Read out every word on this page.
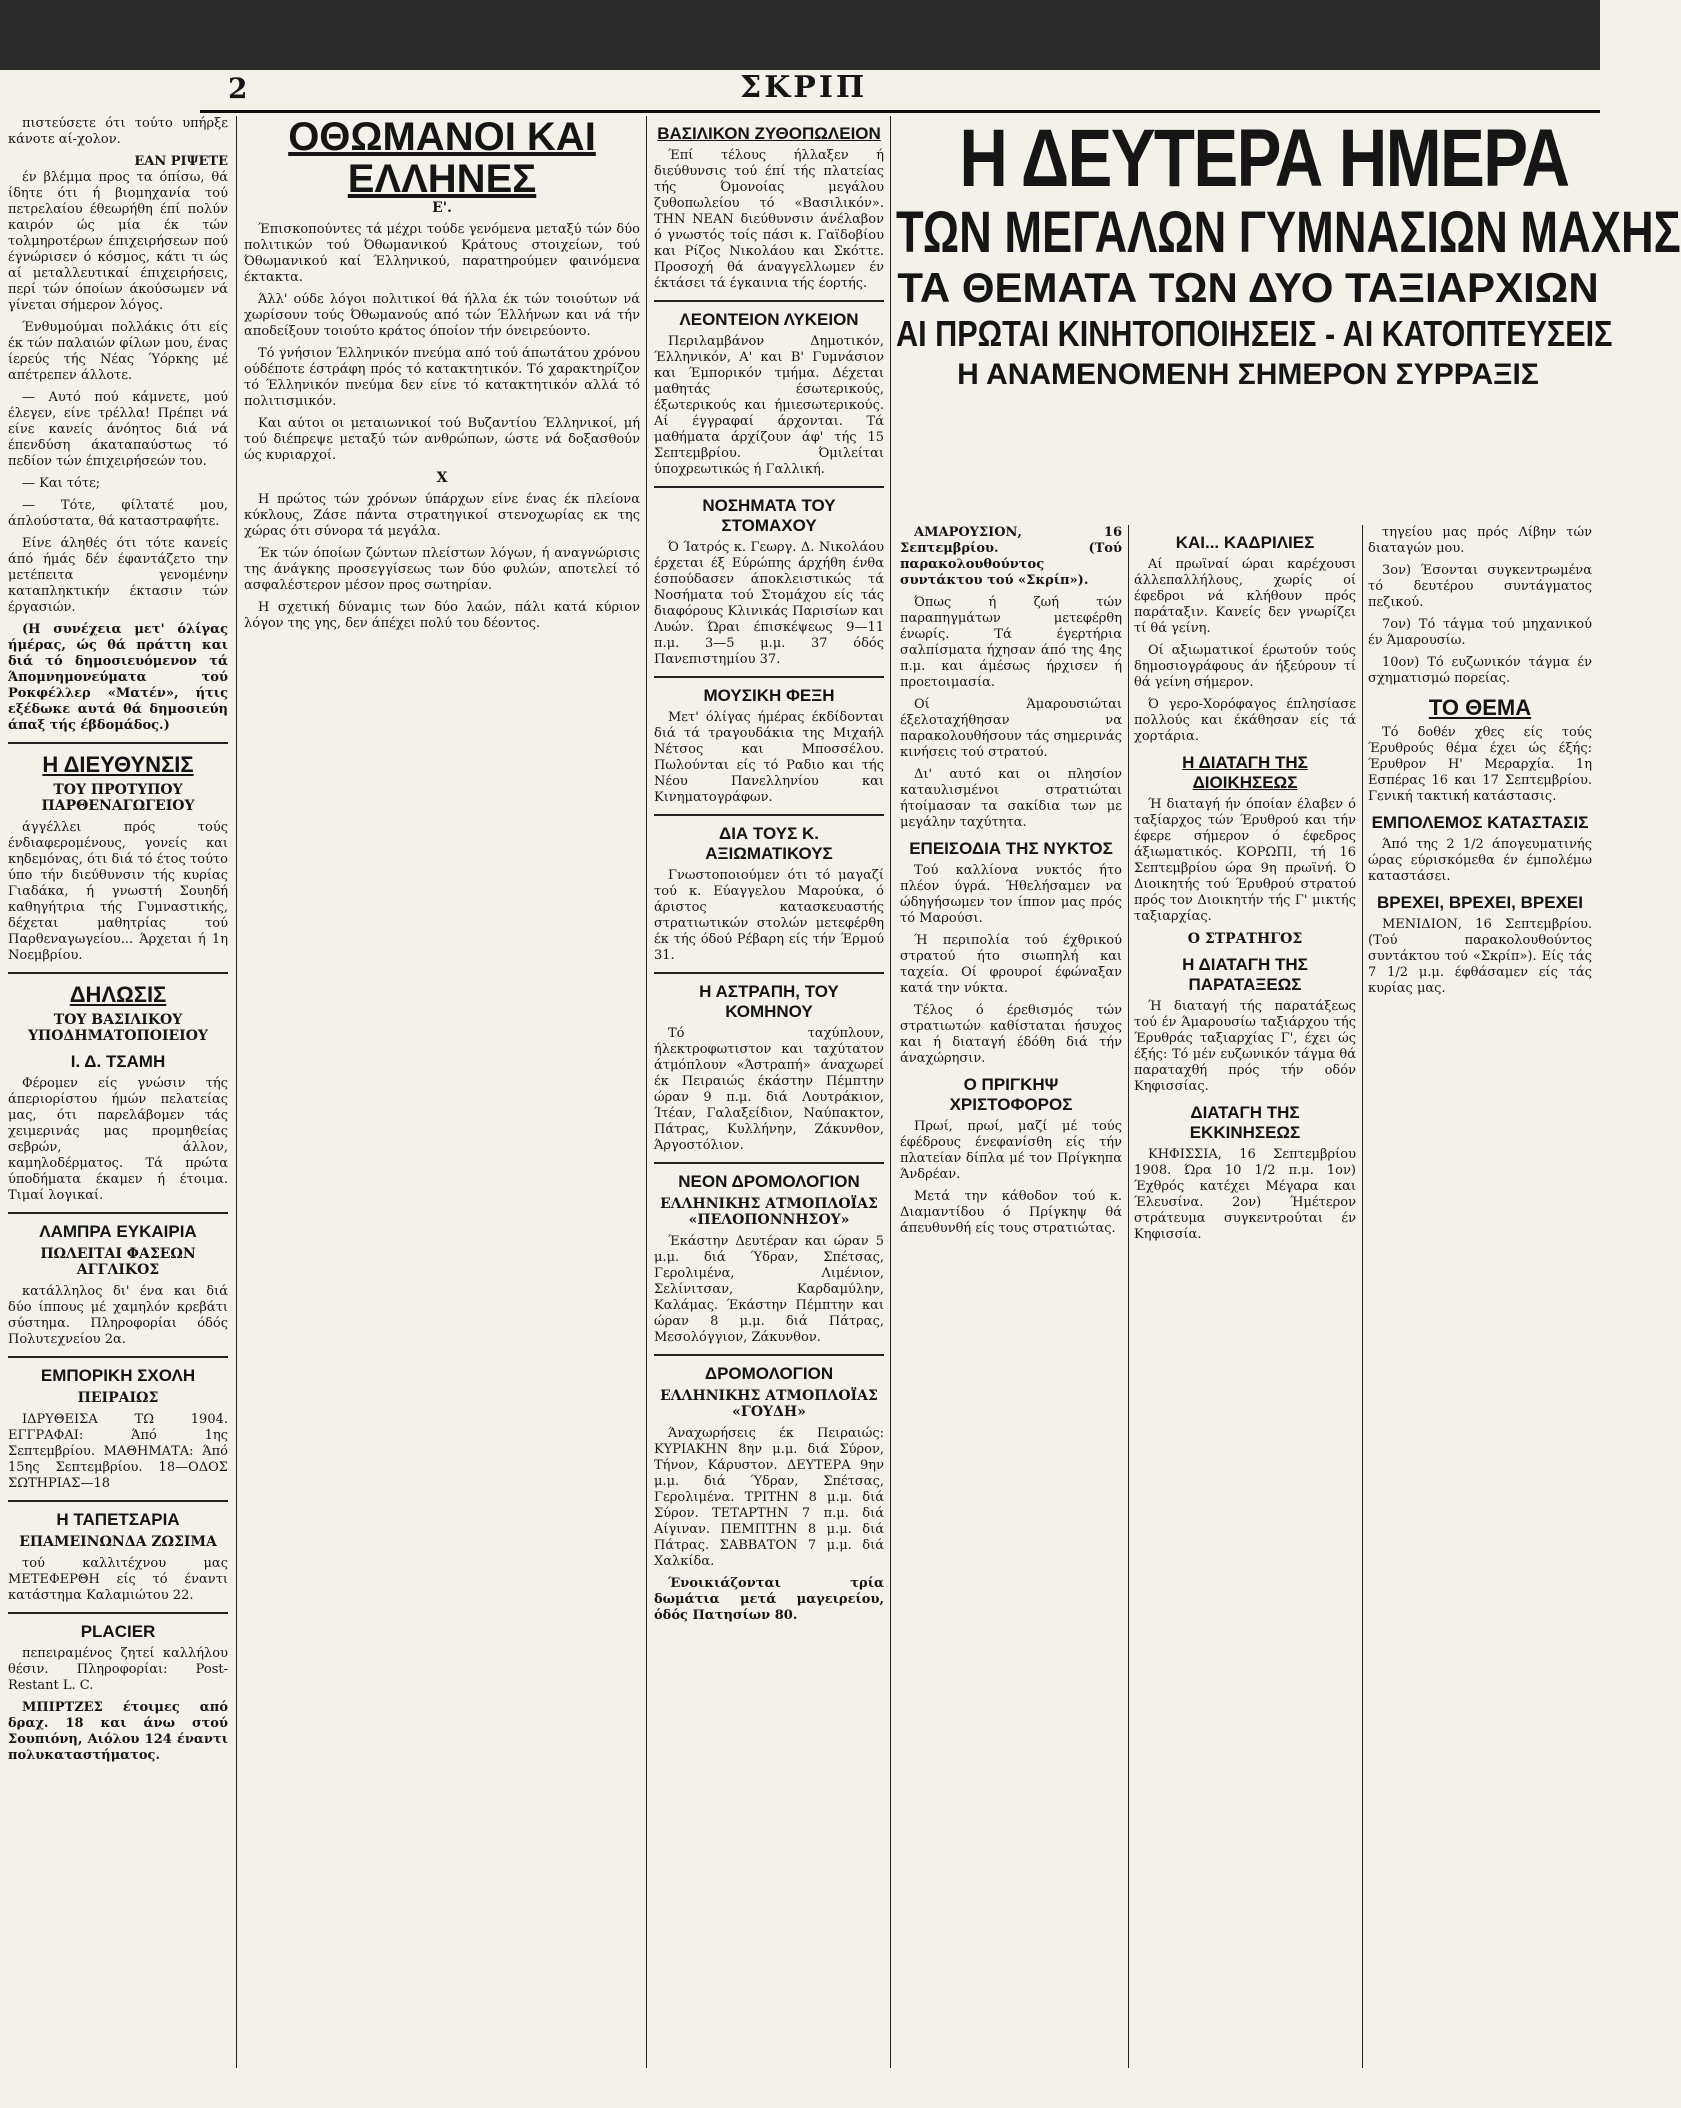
2	ΣΚΡΙΠ

πιστεύσετε ότι τούτο υπήρξε κάνοτε αί-χολον.

ΕΑΝ ΡΙΨΕΤΕ

έν βλέμμα προς τα όπίσω, θά ίδητε ότι ή βιομηχανία τού πετρελαίου έθεωρήθη έπί πολύν καιρόν ώς μία έκ τών τολμηροτέρων έπιχειρήσεων πού έγνώρισεν ό κόσμος, κάτι τι ώς αί μεταλλευτικαί έπιχειρήσεις, περί τών όποίων άκούσωμεν νά γίνεται σήμερον λόγος.

Ένθυμούμαι πολλάκις ότι είς έκ τών παλαιών φίλων μου, ένας ίερεύς τής Νέας Ύόρκης μέ απέτρεπεν άλλοτε.

— Αυτό πού κάμνετε, μού έλεγεν, είνε τρέλλα! Πρέπει νά είνε κανείς άνόητος διά νά έπενδύση άκαταπαύστως τό πεδίον τών έπιχειρήσεών του.

— Και τότε;

— Τότε, φίλτατέ μου, άπλούστατα, θά καταστραφήτε.

Είνε άληθές ότι τότε κανείς άπό ήμάς δέν έφαντάζετο την μετέπειτα γενομένην καταπληκτικήν έκτασιν τών έργασιών.

(Η συνέχεια μετ' όλίγας ήμέρας, ώς θά πράττη και διά τό δημοσιευόμενον τά Άπομνημονεύματα τού Ροκφέλλερ «Ματέν», ήτις εξέδωκε αυτά θά δημοσιεύη άπαξ τής έβδομάδος.)

Η ΔΙΕΥΘΥΝΣΙΣ
ΤΟΥ ΠΡΟΤΥΠΟΥ ΠΑΡΘΕΝΑΓΩΓΕΙΟΥ

άγγέλλει πρός τούς ένδιαφερομένους, γονείς και κηδεμόνας, ότι διά τό έτος τούτο ύπο τήν διεύθυνσιν τής κυρίας Γιαδάκα, ή γνωστή Σουηδή καθηγήτρια τής Γυμναστικής, δέχεται μαθητρίας τού Παρθεναγωγείου... Άρχεται ή 1η Νοεμβρίου.

ΔΗΛΩΣΙΣ
ΤΟΥ ΒΑΣΙΛΙΚΟΥ ΥΠΟΔΗΜΑΤΟΠΟΙΕΙΟΥ
Ι. Δ. ΤΣΑΜΗ

Φέρομεν είς γνώσιν τής άπεριορίστου ήμών πελατείας μας, ότι παρελάβομεν τάς χειμερινάς μας προμηθείας σεβρών, άλλον, καμηλοδέρματος. Τά πρώτα ύποδήματα έκαμεν ή έτοιμα. Τιμαί λογικαί.

ΛΑΜΠΡΑ ΕΥΚΑΙΡΙΑ
ΠΩΛΕΙΤΑΙ ΦΑΣΕΩΝ ΑΓΓΛΙΚΟΣ

κατάλληλος δι' ένα και διά δύο ίππους μέ χαμηλόν κρεβάτι σύστημα. Πληροφορίαι όδός Πολυτεχνείου 2α.

ΕΜΠΟΡΙΚΗ ΣΧΟΛΗ
ΠΕΙΡΑΙΩΣ

ΙΔΡΥΘΕΙΣΑ ΤΩ 1904. ΕΓΓΡΑΦΑΙ: Άπό 1ης Σεπτεμβρίου. ΜΑΘΗΜΑΤΑ: Άπό 15ης Σεπτεμβρίου. 18—ΟΔΟΣ ΣΩΤΗΡΙΑΣ—18

Η ΤΑΠΕΤΣΑΡΙΑ
ΕΠΑΜΕΙΝΩΝΔΑ ΖΩΣΙΜΑ

τού καλλιτέχνου μας ΜΕΤΕΦΕΡΘΗ είς τό έναντι κατάστημα Καλαμιώτου 22.

PLACIER

πεπειραμένος ζητεί καλλήλου θέσιν. Πληροφορίαι: Post-Restant L. C.

ΜΠΙΡΤΖΕΣ έτοιμες από δραχ. 18 και άνω στού Σουπιόνη, Αιόλου 124 έναντι πολυκαταστήματος.

ΟΘΩΜΑΝΟΙ ΚΑΙ ΕΛΛΗΝΕΣ
Ε'.

Έπισκοπούντες τά μέχρι τούδε γενόμενα μεταξύ τών δύο πολιτικών τού Όθωμανικού Κράτους στοιχείων, τού Όθωμανικού καί Έλληνικού, παρατηρούμεν φαινόμενα έκτακτα.

Άλλ' ούδε λόγοι πολιτικοί θά ήλλα έκ τών τοιούτων νά χωρίσουν τούς Όθωμανούς από τών Έλλήνων και νά τήν αποδείξουν τοιούτο κράτος όποίον τήν όνειρεύοντο.

Τό γνήσιον Έλληνικόν πνεύμα από τού άπωτάτου χρόνου ούδέποτε έστράφη πρός τό κατακτητικόν. Τό χαρακτηρίζον τό Έλληνικόν πνεύμα δεν είνε τό κατακτητικόν αλλά τό πολιτισμικόν.

Και αύτοι οι μεταιωνικοί τού Βυζαντίου Έλληνικοί, μή τού διέπρεψε μεταξύ τών ανθρώπων, ώστε νά δοξασθούν ώς κυριαρχοί.

Χ

Η πρώτος τών χρόνων ύπάρχων είνε ένας έκ πλείονα κύκλους, Ζάσε πάντα στρατηγικοί στενοχωρίας εκ της χώρας ότι σύνορα τά μεγάλα.

Έκ τών όποίων ζώντων πλείστων λόγων, ή αναγνώρισις της άνάγκης προσεγγίσεως των δύο φυλών, αποτελεί τό ασφαλέστερον μέσον προς σωτηρίαν.

Η σχετική δύναμις των δύο λαών, πάλι κατά κύριον λόγον της γης, δεν άπέχει πολύ του δέοντος.

ΒΑΣΙΛΙΚΟΝ ΖΥΘΟΠΩΛΕΙΟΝ

Έπί τέλους ήλλαξεν ή διεύθυνσις τού έπί τής πλατείας τής Όμονοίας μεγάλου ζυθοπωλείου τό «Βασιλικόν». ΤΗΝ ΝΕΑΝ διεύθυνσιν άνέλαβον ό γνωστός τοίς πάσι κ. Γαϊδοβίου και Ρίζος Νικολάου και Σκόττε. Προσοχή θά άναγγελλωμεν έν έκτάσει τά έγκαινια τής έορτής.

ΛΕΟΝΤΕΙΟΝ ΛΥΚΕΙΟΝ

Περιλαμβάνον Δημοτικόν, Έλληνικόν, Α' και Β' Γυμνάσιον και Έμπορικόν τμήμα. Δέχεται μαθητάς έσωτερικούς, έξωτερικούς και ήμιεσωτερικούς. Αί έγγραφαί άρχονται. Τά μαθήματα άρχίζουν άφ' τής 15 Σεπτεμβρίου. Όμιλείται ύποχρεωτικώς ή Γαλλική.

ΝΟΣΗΜΑΤΑ ΤΟΥ ΣΤΟΜΑΧΟΥ

Ό Ίατρός κ. Γεωργ. Δ. Νικολάου έρχεται έξ Εύρώπης άρχήθη ένθα έσπούδασεν άποκλειστικώς τά Νοσήματα τού Στομάχου είς τάς διαφόρους Κλινικάς Παρισίων και Λυών. Ώραι έπισκέψεως 9—11 π.μ. 3—5 μ.μ. 37 όδός Πανεπιστημίου 37.

ΜΟΥΣΙΚΗ ΦΕΞΗ

Μετ' όλίγας ήμέρας έκδίδονται διά τά τραγουδάκια της Μιχαήλ Νέτσος και Μποσσέλου. Πωλούνται είς τό Ραδιο και τής Νέου Πανελληνίου και Κινηματογράφων.

ΔΙΑ ΤΟΥΣ Κ. ΑΞΙΩΜΑΤΙΚΟΥΣ

Γνωστοποιούμεν ότι τό μαγαζί τού κ. Εύαγγελου Μαρούκα, ό άριστος κατασκευαστής στρατιωτικών στολών μετεφέρθη έκ τής όδού Ρέβαρη είς τήν Έρμού 31.

Η ΑΣΤΡΑΠΗ, ΤΟΥ ΚΟΜΗΝΟΥ

Τό ταχύπλουν, ήλεκτροφωτιστον και ταχύτατον άτμόπλουν «Άστραπή» άναχωρεί έκ Πειραιώς έκάστην Πέμπτην ώραν 9 π.μ. διά Λουτράκιον, Ίτέαν, Γαλαξείδιον, Ναύπακτον, Πάτρας, Κυλλήνην, Ζάκυνθον, Άργοστόλιον.

ΝΕΟΝ ΔΡΟΜΟΛΟΓΙΟΝ
ΕΛΛΗΝΙΚΗΣ ΑΤΜΟΠΛΟΪΑΣ «ΠΕΛΟΠΟΝΝΗΣΟΥ»

Έκάστην Δευτέραν και ώραν 5 μ.μ. διά Ύδραν, Σπέτσας, Γερολιμένα, Λιμένιον, Σελίνιτσαν, Καρδαμύλην, Καλάμας. Έκάστην Πέμπτην και ώραν 8 μ.μ. διά Πάτρας, Μεσολόγγιον, Ζάκυνθον.

ΔΡΟΜΟΛΟΓΙΟΝ
ΕΛΛΗΝΙΚΗΣ ΑΤΜΟΠΛΟΪΑΣ «ΓΟΥΔΗ»

Άναχωρήσεις έκ Πειραιώς: ΚΥΡΙΑΚΗΝ 8ην μ.μ. διά Σύρον, Τήνον, Κάρυστον. ΔΕΥΤΕΡΑ 9ην μ.μ. διά Ύδραν, Σπέτσας, Γερολιμένα. ΤΡΙΤΗΝ 8 μ.μ. διά Σύρον. ΤΕΤΑΡΤΗΝ 7 π.μ. διά Αίγιναν. ΠΕΜΠΤΗΝ 8 μ.μ. διά Πάτρας. ΣΑΒΒΑΤΟΝ 7 μ.μ. διά Χαλκίδα.

Ένοικιάζονται τρία δωμάτια μετά μαγειρείου, όδός Πατησίων 80.

Η ΔΕΥΤΕΡΑ ΗΜΕΡΑ
ΤΩΝ ΜΕΓΑΛΩΝ ΓΥΜΝΑΣΙΩΝ ΜΑΧΗΣ
ΤΑ ΘΕΜΑΤΑ ΤΩΝ ΔΥΟ ΤΑΞΙΑΡΧΙΩΝ
ΑΙ ΠΡΩΤΑΙ ΚΙΝΗΤΟΠΟΙΗΣΕΙΣ - ΑΙ ΚΑΤΟΠΤΕΥΣΕΙΣ
Η ΑΝΑΜΕΝΟΜΕΝΗ ΣΗΜΕΡΟΝ ΣΥΡΡΑΞΙΣ

ΑΜΑΡΟΥΣΙΟΝ, 16 Σεπτεμβρίου. (Τού παρακολουθούντος συντάκτου τού «Σκρίπ»).

Όπως ή ζωή τών παραπηγμάτων μετεφέρθη ένωρίς. Τά έγερτήρια σαλπίσματα ήχησαν άπό της 4ης π.μ. και άμέσως ήρχισεν ή προετοιμασία.

Οί Άμαρουσιώται έξελοταχήθησαν να παρακολουθήσουν τάς σημερινάς κινήσεις τού στρατού.

Δι' αυτό και οι πλησίον καταυλισμένοι στρατιώται ήτοίμασαν τα σακίδια των με μεγάλην ταχύτητα.

ΕΠΕΙΣΟΔΙΑ ΤΗΣ ΝΥΚΤΟΣ

Τού καλλίονα νυκτός ήτο πλέον ύγρά. Ήθελήσαμεν να ώδηγήσωμεν τον ίππον μας πρός τό Μαρούσι.

Ή περιπολία τού έχθρικού στρατού ήτο σιωπηλή και ταχεία. Οί φρουροί έφώναξαν κατά την νύκτα.

Τέλος ό έρεθισμός τών στρατιωτών καθίσταται ήσυχος και ή διαταγή έδόθη διά τήν άναχώρησιν.

Ο ΠΡΙΓΚΗΨ ΧΡΙΣΤΟΦΟΡΟΣ

Πρωί, πρωί, μαζί μέ τούς έφέδρους ένεφανίσθη είς τήν πλατείαν δίπλα μέ τον Πρίγκηπα Άνδρέαν.

Μετά την κάθοδον τού κ. Διαμαντίδου ό Πρίγκηψ θά άπευθυνθή είς τους στρατιώτας.

ΚΑΙ... ΚΑΔΡΙΛΙΕΣ

Αί πρωϊναί ώραι καρέχουσι άλλεπαλλήλους, χωρίς οί έφεδροι νά κλήθουν πρός παράταξιν. Κανείς δεν γνωρίζει τί θά γείνη.

Οί αξιωματικοί έρωτούν τούς δημοσιογράφους άν ήξεύρουν τί θά γείνη σήμερον.

Ό γερο-Χορόφαγος έπλησίασε πολλούς και έκάθησαν είς τά χορτάρια.

Η ΔΙΑΤΑΓΗ ΤΗΣ ΔΙΟΙΚΗΣΕΩΣ

Ή διαταγή ήν όποίαν έλαβεν ό ταξίαρχος τών Έρυθρού και τήν έφερε σήμερον ό έφεδρος άξιωματικός. ΚΟΡΩΠΙ, τή 16 Σεπτεμβρίου ώρα 9η πρωϊνή. Ό Διοικητής τού Έρυθρού στρατού πρός τον Διοικητήν τής Γ' μικτής ταξιαρχίας.

Ο ΣΤΡΑΤΗΓΟΣ
Η ΔΙΑΤΑΓΗ ΤΗΣ ΠΑΡΑΤΑΞΕΩΣ

Ή διαταγή τής παρατάξεως τού έν Άμαρουσίω ταξιάρχου τής Έρυθράς ταξιαρχίας Γ', έχει ώς έξής: Τό μέν ευζωνικόν τάγμα θά παραταχθή πρός τήν οδόν Κηφισσίας.

ΔΙΑΤΑΓΗ ΤΗΣ ΕΚΚΙΝΗΣΕΩΣ

ΚΗΦΙΣΣΙΑ, 16 Σεπτεμβρίου 1908. Ώρα 10 1/2 π.μ. 1ον) Έχθρός κατέχει Μέγαρα και Έλευσίνα. 2ον) Ήμέτερον στράτευμα συγκεντρούται έν Κηφισσία.

τηγείου μας πρός Λίβην τών διαταγών μου.

3ον) Έσονται συγκεντρωμένα τό δευτέρου συντάγματος πεζικού.

7ον) Τό τάγμα τού μηχανικού έν Άμαρουσίω.

10ον) Τό ευζωνικόν τάγμα έν σχηματισμώ πορείας.

ΤΟ ΘΕΜΑ

Τό δοθέν χθες είς τούς Έρυθρούς θέμα έχει ώς έξής: Έρυθρον Η' Μεραρχία. 1η Εσπέρας 16 και 17 Σεπτεμβρίου. Γενική τακτική κατάστασις.

ΕΜΠΟΛΕΜΟΣ ΚΑΤΑΣΤΑΣΙΣ

Άπό της 2 1/2 άπογευματινής ώρας εύρισκόμεθα έν έμπολέμω καταστάσει.

ΒΡΕΧΕΙ, ΒΡΕΧΕΙ, ΒΡΕΧΕΙ

ΜΕΝΙΔΙΟΝ, 16 Σεπτεμβρίου. (Τού παρακολουθούντος συντάκτου τού «Σκρίπ»). Είς τάς 7 1/2 μ.μ. έφθάσαμεν είς τάς κυρίας μας.
